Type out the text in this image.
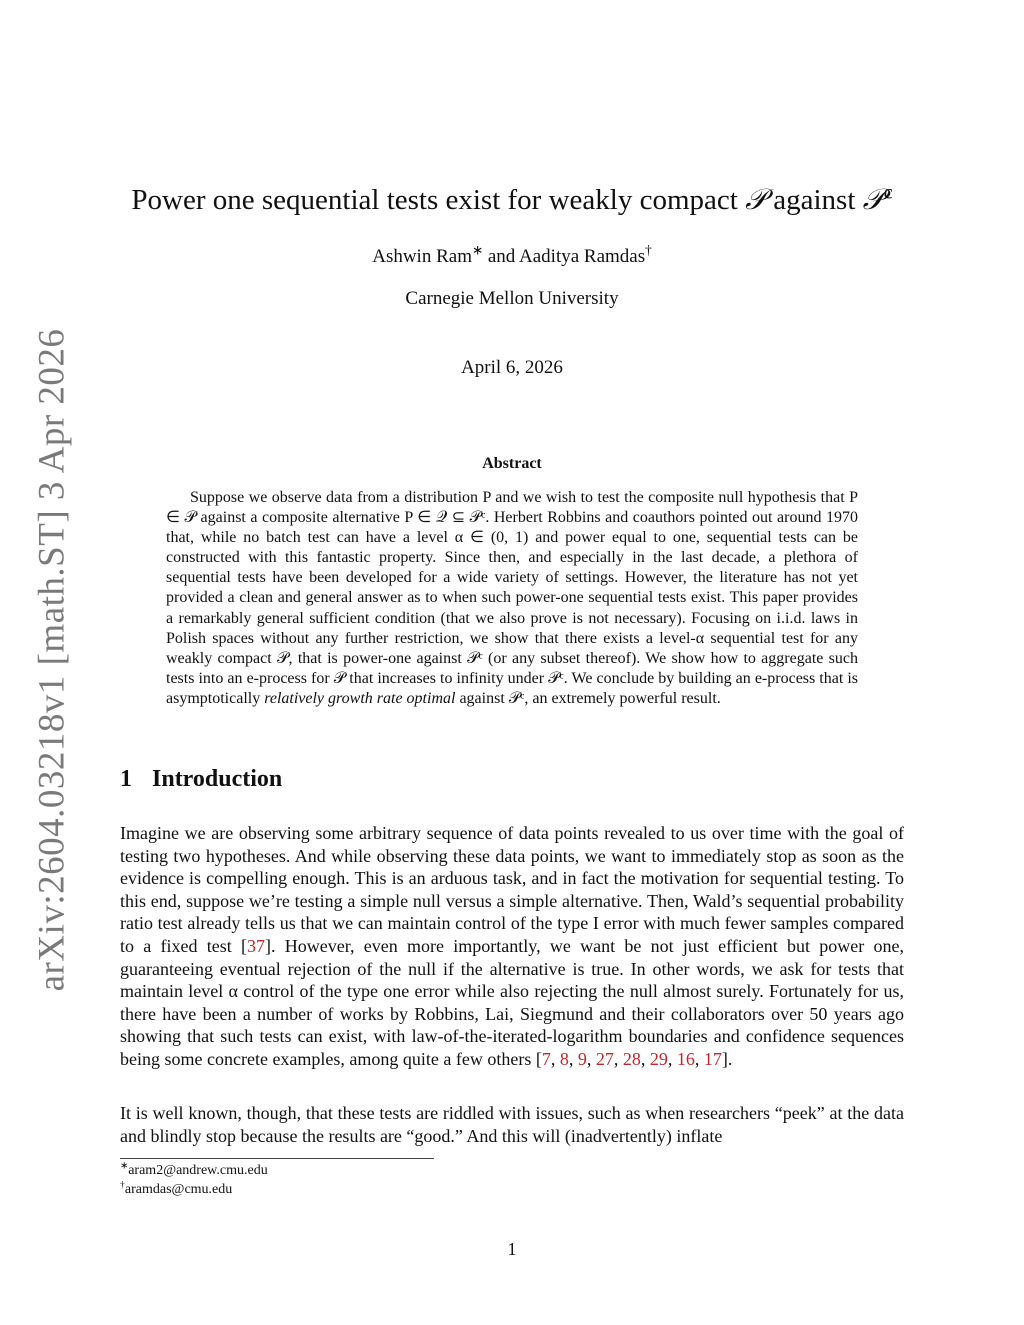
arXiv:2604.03218v1 [math.ST] 3 Apr 2026
Power one sequential tests exist for weakly compact 𝒫 against 𝒫$^c$
Ashwin Ram∗ and Aaditya Ramdas†
Carnegie Mellon University
April 6, 2026
Abstract
Suppose we observe data from a distribution P and we wish to test the composite null hypothesis that P ∈ 𝒫 against a composite alternative P ∈ 𝒬 ⊆ 𝒫ᶜ. Herbert Robbins and coauthors pointed out around 1970 that, while no batch test can have a level α ∈ (0, 1) and power equal to one, sequential tests can be constructed with this fantastic property. Since then, and especially in the last decade, a plethora of sequential tests have been developed for a wide variety of settings. However, the literature has not yet provided a clean and general answer as to when such power-one sequential tests exist. This paper provides a remarkably general sufficient condition (that we also prove is not necessary). Focusing on i.i.d. laws in Polish spaces without any further restriction, we show that there exists a level-α sequential test for any weakly compact 𝒫, that is power-one against 𝒫ᶜ (or any subset thereof). We show how to aggregate such tests into an e-process for 𝒫 that increases to infinity under 𝒫ᶜ. We conclude by building an e-process that is asymptotically relatively growth rate optimal against 𝒫ᶜ, an extremely powerful result.
1 Introduction
Imagine we are observing some arbitrary sequence of data points revealed to us over time with the goal of testing two hypotheses. And while observing these data points, we want to immediately stop as soon as the evidence is compelling enough. This is an arduous task, and in fact the motivation for sequential testing. To this end, suppose we’re testing a simple null versus a simple alternative. Then, Wald’s sequential probability ratio test already tells us that we can maintain control of the type I error with much fewer samples compared to a fixed test [37]. However, even more importantly, we want be not just efficient but power one, guaranteeing eventual rejection of the null if the alternative is true. In other words, we ask for tests that maintain level α control of the type one error while also rejecting the null almost surely. Fortunately for us, there have been a number of works by Robbins, Lai, Siegmund and their collaborators over 50 years ago showing that such tests can exist, with law-of-the-iterated-logarithm boundaries and confidence sequences being some concrete examples, among quite a few others [7, 8, 9, 27, 28, 29, 16, 17].
It is well known, though, that these tests are riddled with issues, such as when researchers “peek” at the data and blindly stop because the results are “good.” And this will (inadvertently) inflate
∗aram2@andrew.cmu.edu
†aramdas@cmu.edu
1
